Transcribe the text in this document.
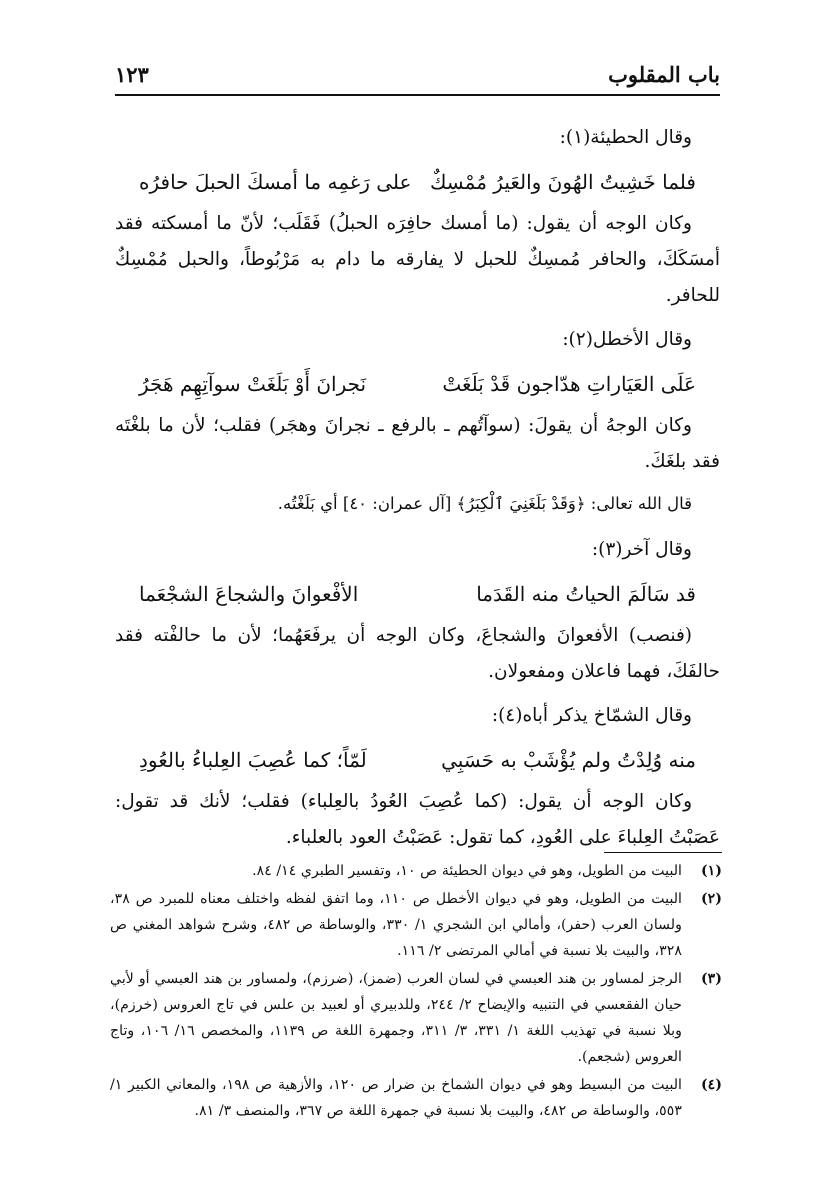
باب المقلوب
١٢٣

وقال الحطيئة(١):

فلما خَشِيتُ الهُونَ والعَيرُ مُمْسِكٌ
على رَغمِه ما أمسكَ الحبلَ حافرُه

وكان الوجه أن يقول: (ما أمسك حافِرَه الحبلُ) فَقَلَب؛ لأنّ ما أمسكته فقد أمسَكَكَ، والحافر مُمسِكٌ للحبل لا يفارقه ما دام به مَرْبُوطاً، والحبل مُمْسِكٌ للحافر.

وقال الأخطل(٢):

عَلَى العَيَاراتِ هدّاجون قَدْ بَلَغَتْ
نَجرانَ أَوْ بَلَغَتْ سوآتِهِم هَجَرُ

وكان الوجهُ أن يقولَ: (سوآتُهم ـ بالرفع ـ نجرانَ وهجَر) فقلب؛ لأن ما بلغْتَه فقد بلغَكَ.

قال الله تعالى: ﴿وَقَدْ بَلَغَنِيَ ٱلْكِبَرُ﴾ [آل عمران: ٤٠] أي بَلَغْتُه.

وقال آخر(٣):

قد سَالَمَ الحياتُ منه القَدَما
الأفْعوانَ والشجاعَ الشجْعَما

(فنصب) الأفعوانَ والشجاعَ، وكان الوجه أن يرفَعَهُما؛ لأن ما حالفْته فقد حالفَكَ، فهما فاعلان ومفعولان.

وقال الشمّاخ يذكر أباه(٤):

منه وُلِدْتُ ولم يُؤْشَبْ به حَسَبِي
لَمّاً؛ كما عُصِبَ العِلباءُ بالعُودِ

وكان الوجه أن يقول: (كما عُصِبَ العُودُ بالعِلباء) فقلب؛ لأنك قد تقول: عَصَبْتُ العِلباءَ على العُودِ، كما تقول: عَصَبْتُ العود بالعلباء.

(١)
البيت من الطويل، وهو في ديوان الحطيئة ص ١٠، وتفسير الطبري ١٤/ ٨٤.
(٢)
البيت من الطويل، وهو في ديوان الأخطل ص ١١٠، وما اتفق لفظه واختلف معناه للمبرد ص ٣٨، ولسان العرب (حفر)، وأمالي ابن الشجري ١/ ٣٣٠، والوساطة ص ٤٨٢، وشرح شواهد المغني ص ٣٢٨، والبيت بلا نسبة في أمالي المرتضى ٢/ ١١٦.
(٣)
الرجز لمساور بن هند العبسي في لسان العرب (ضمز)، (ضرزم)، ولمساور بن هند العبسي أو لأبي حيان الفقعسي في التنبيه والإيضاح ٢/ ٢٤٤، وللدبيري أو لعبيد بن علس في تاج العروس (خرزم)، وبلا نسبة في تهذيب اللغة ١/ ٣٣١، ٣/ ٣١١، وجمهرة اللغة ص ١١٣٩، والمخصص ١٦/ ١٠٦، وتاج العروس (شجعم).
(٤)
البيت من البسيط وهو في ديوان الشماخ بن ضرار ص ١٢٠، والأزهية ص ١٩٨، والمعاني الكبير ١/ ٥٥٣، والوساطة ص ٤٨٢، والبيت بلا نسبة في جمهرة اللغة ص ٣٦٧، والمنصف ٣/ ٨١.
